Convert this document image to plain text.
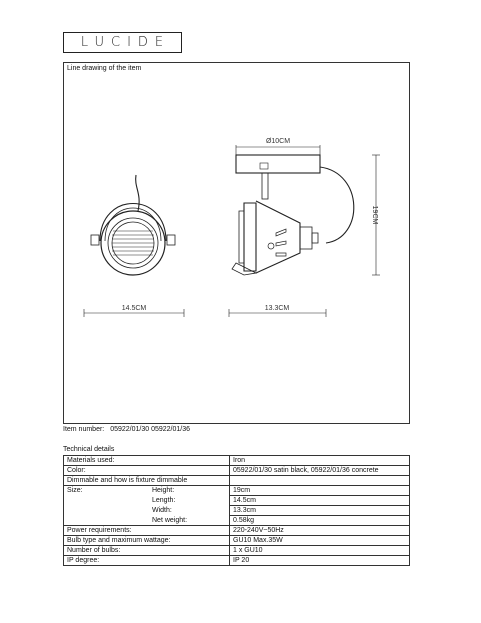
LUCIDE
Line drawing of the item
14.5CM	13.3CM
Ø10CM
19CM
Item number: 05922/01/30 05922/01/36
Technical details
Materials used:	Iron
Color:	05922/01/30 satin black, 05922/01/36 concrete
Dimmable and how is fixture dimmable	

Size: Height:	19cm

Length:	14.5cm

Width:	13.3cm

Net weight:	0.58kg
Power requirements:	220-240V~50Hz
Bulb type and maximum wattage:	GU10 Max.35W
Number of bulbs:	1 x GU10
IP degree:	IP 20
